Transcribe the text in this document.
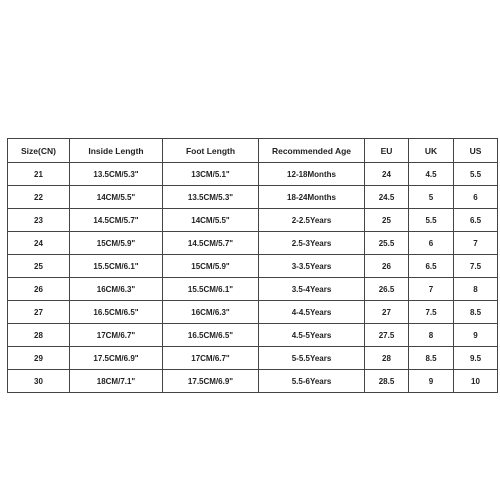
Size(CN)	Inside Length	Foot Length	Recommended Age	EU	UK	US
21	13.5CM/5.3"	13CM/5.1"	12-18Months	24	4.5	5.5
22	14CM/5.5"	13.5CM/5.3"	18-24Months	24.5	5	6
23	14.5CM/5.7"	14CM/5.5"	2-2.5Years	25	5.5	6.5
24	15CM/5.9"	14.5CM/5.7"	2.5-3Years	25.5	6	7
25	15.5CM/6.1"	15CM/5.9"	3-3.5Years	26	6.5	7.5
26	16CM/6.3"	15.5CM/6.1"	3.5-4Years	26.5	7	8
27	16.5CM/6.5"	16CM/6.3"	4-4.5Years	27	7.5	8.5
28	17CM/6.7"	16.5CM/6.5"	4.5-5Years	27.5	8	9
29	17.5CM/6.9"	17CM/6.7"	5-5.5Years	28	8.5	9.5
30	18CM/7.1"	17.5CM/6.9"	5.5-6Years	28.5	9	10
